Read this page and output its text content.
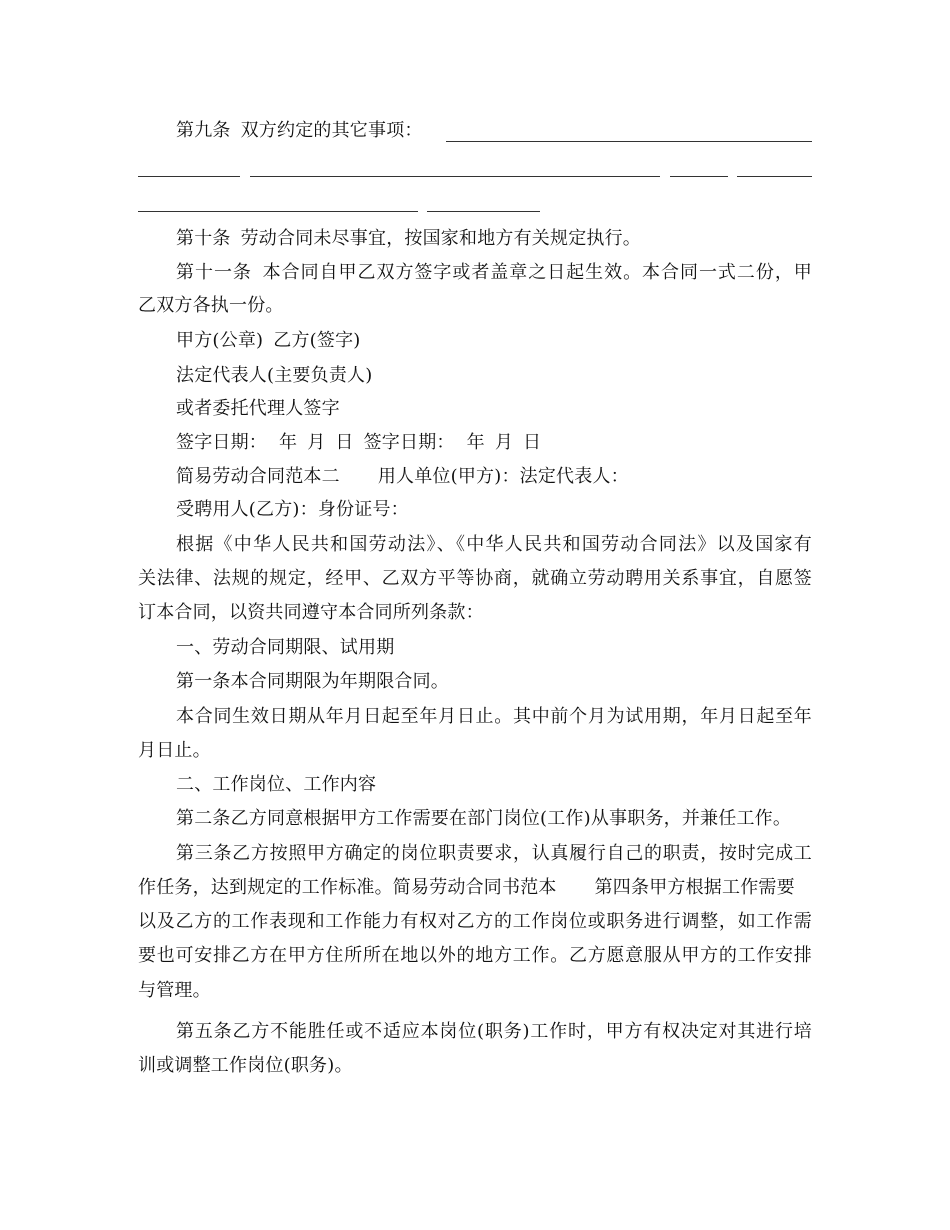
第九条 双方约定的其它事项：
第十条 劳动合同未尽事宜，按国家和地方有关规定执行。
第十一条 本合同自甲乙双方签字或者盖章之日起生效。本合同一式二份，甲
乙双方各执一份。
甲方(公章) 乙方(签字)
法定代表人(主要负责人)
或者委托代理人签字
签字日期： 年 月 日 签字日期： 年 月 日
简易劳动合同范本二 用人单位(甲方)：法定代表人：
受聘用人(乙方)：身份证号：
根据《中华人民共和国劳动法》、《中华人民共和国劳动合同法》以及国家有
关法律、法规的规定，经甲、乙双方平等协商，就确立劳动聘用关系事宜，自愿签
订本合同，以资共同遵守本合同所列条款：
一、劳动合同期限、试用期
第一条本合同期限为年期限合同。
本合同生效日期从年月日起至年月日止。其中前个月为试用期，年月日起至年
月日止。
二、工作岗位、工作内容
第二条乙方同意根据甲方工作需要在部门岗位(工作)从事职务，并兼任工作。
第三条乙方按照甲方确定的岗位职责要求，认真履行自己的职责，按时完成工
作任务，达到规定的工作标准。简易劳动合同书范本 第四条甲方根据工作需要
以及乙方的工作表现和工作能力有权对乙方的工作岗位或职务进行调整，如工作需
要也可安排乙方在甲方住所所在地以外的地方工作。乙方愿意服从甲方的工作安排
与管理。
第五条乙方不能胜任或不适应本岗位(职务)工作时，甲方有权决定对其进行培
训或调整工作岗位(职务)。
